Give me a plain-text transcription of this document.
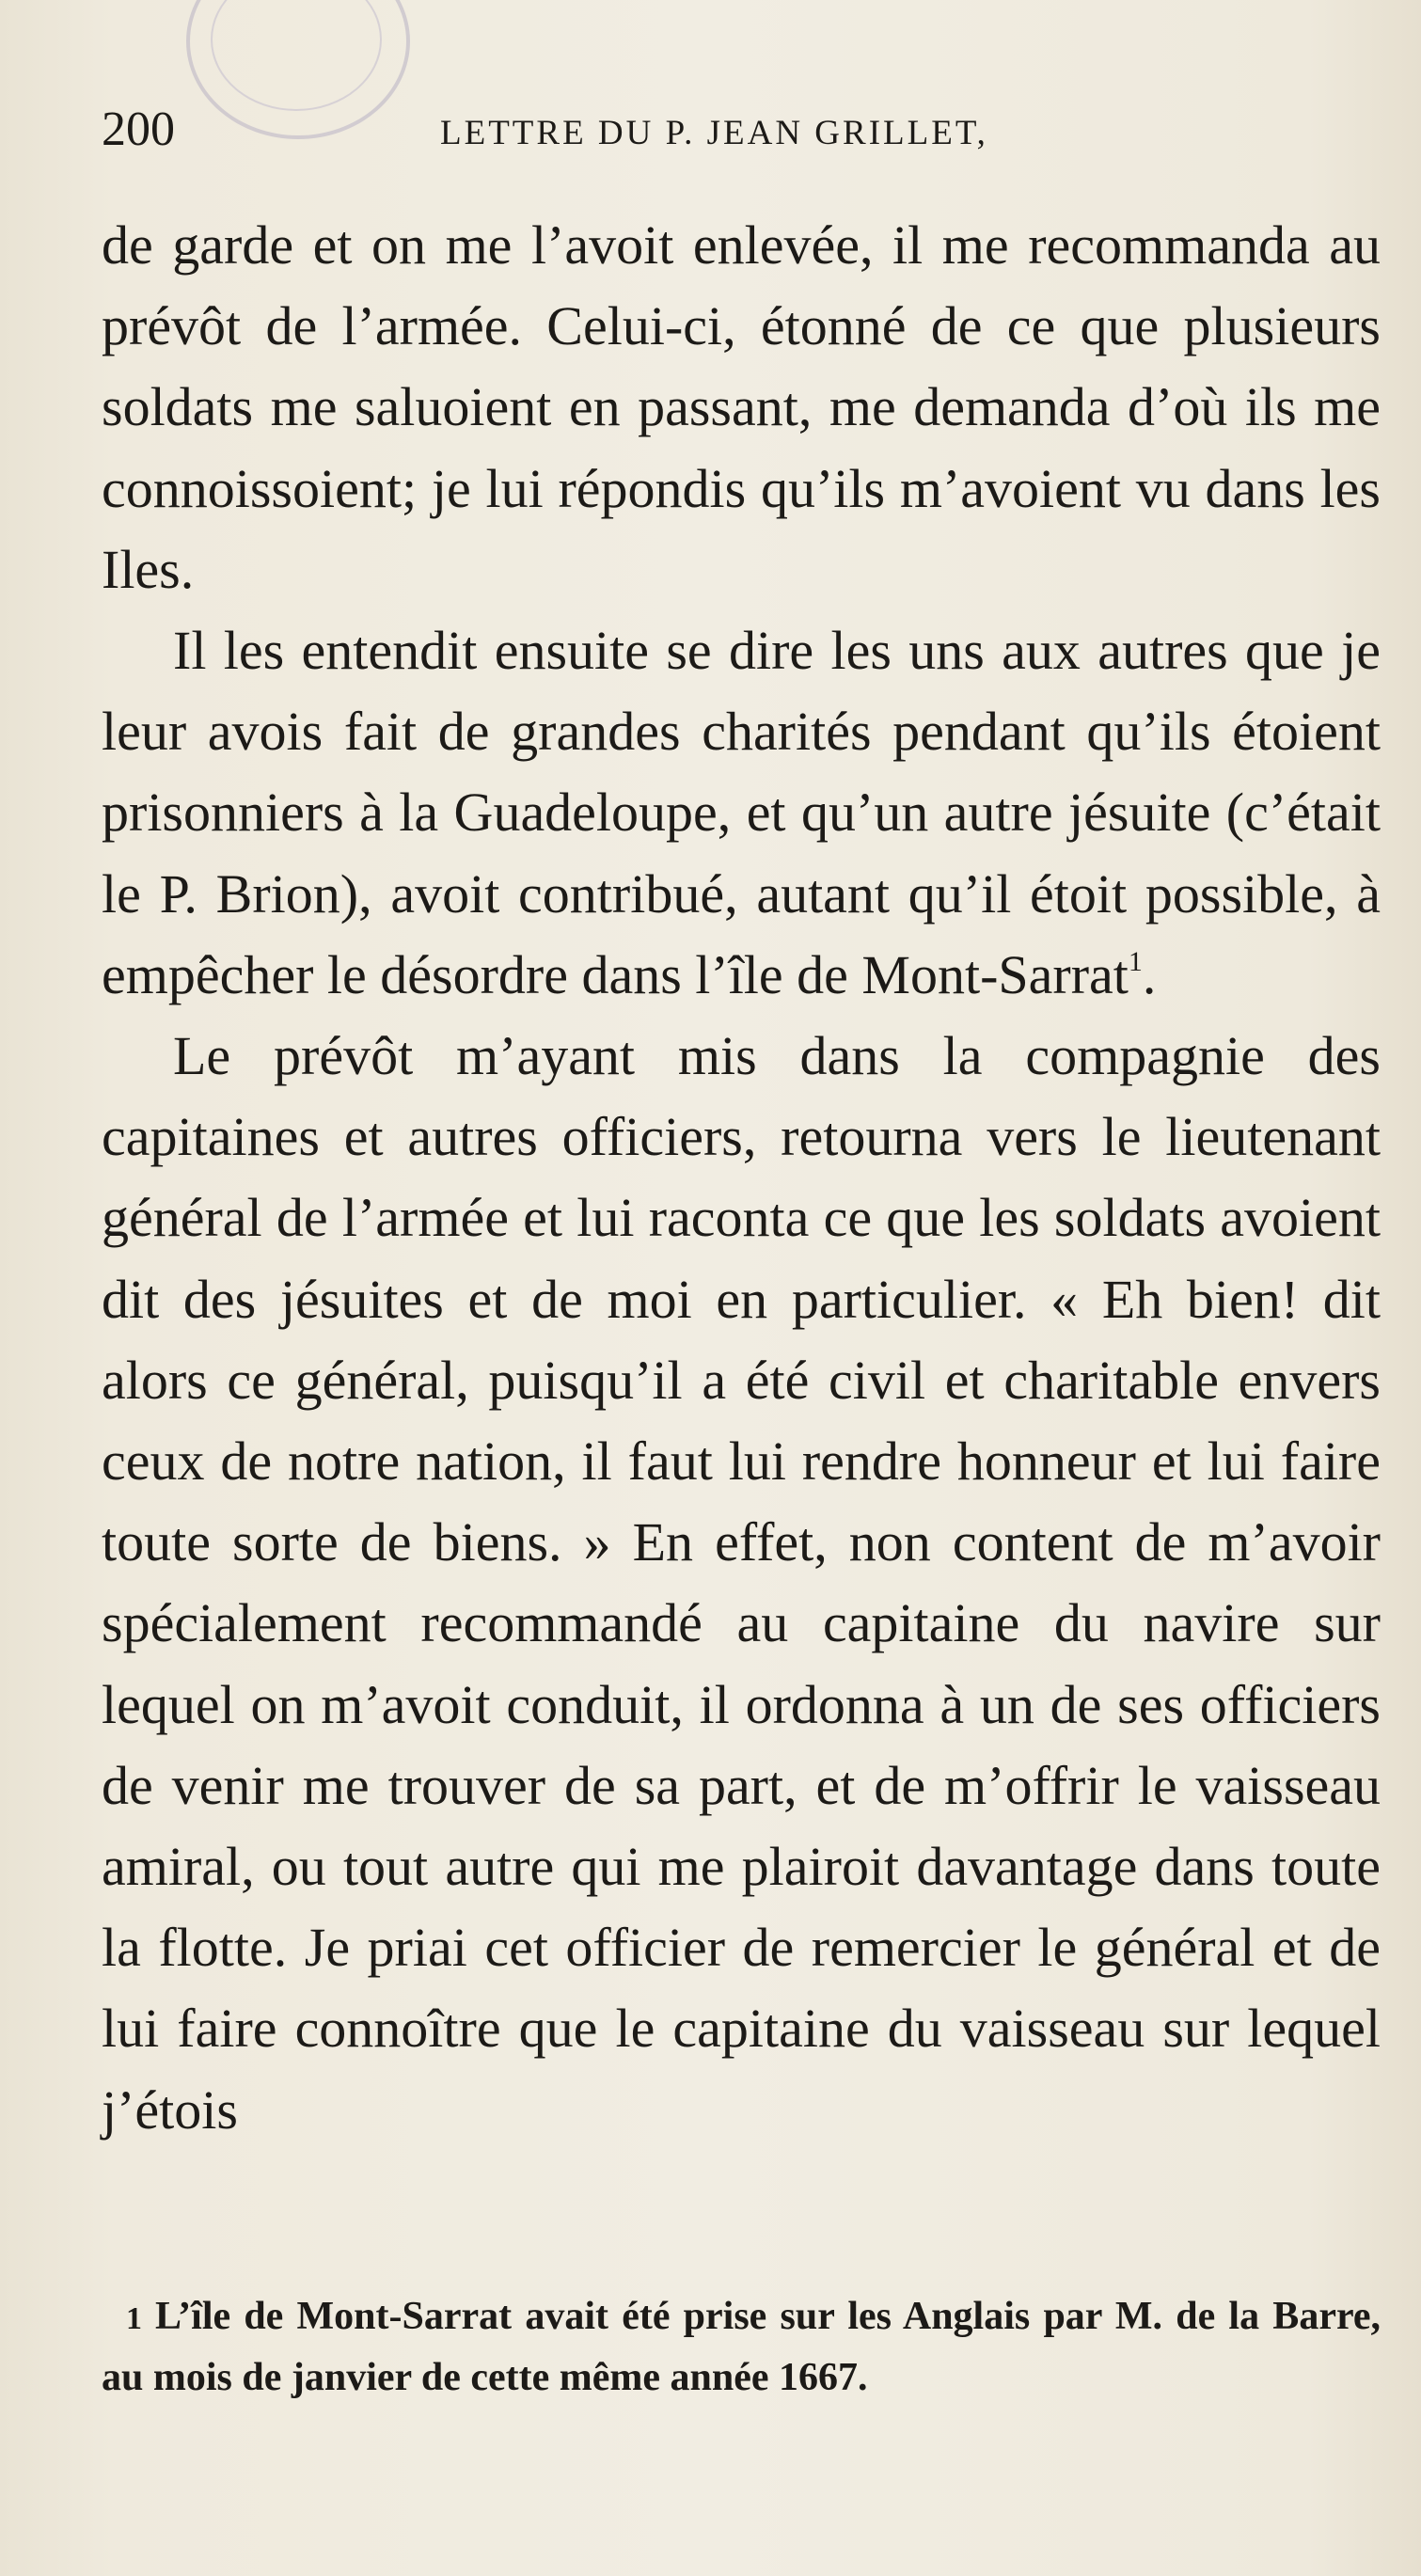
200	LETTRE DU P. JEAN GRILLET,

de garde et on me l’avoit enlevée, il me recommanda au prévôt de l’armée. Celui-ci, étonné de ce que plusieurs soldats me saluoient en passant, me demanda d’où ils me connoissoient; je lui répondis qu’ils m’avoient vu dans les Iles.

Il les entendit ensuite se dire les uns aux autres que je leur avois fait de grandes charités pendant qu’ils étoient prisonniers à la Guadeloupe, et qu’un autre jésuite (c’était le P. Brion), avoit contribué, autant qu’il étoit possible, à empêcher le désordre dans l’île de Mont-Sarrat$^1$.

Le prévôt m’ayant mis dans la compagnie des capitaines et autres officiers, retourna vers le lieutenant général de l’armée et lui raconta ce que les soldats avoient dit des jésuites et de moi en particulier. « Eh bien! dit alors ce général, puisqu’il a été civil et charitable envers ceux de notre nation, il faut lui rendre honneur et lui faire toute sorte de biens. » En effet, non content de m’avoir spécialement recommandé au capitaine du navire sur lequel on m’avoit conduit, il ordonna à un de ses officiers de venir me trouver de sa part, et de m’offrir le vaisseau amiral, ou tout autre qui me plairoit davantage dans toute la flotte. Je priai cet officier de remercier le général et de lui faire connoître que le capitaine du vaisseau sur lequel j’étois

1 L’île de Mont-Sarrat avait été prise sur les Anglais par M. de la Barre, au mois de janvier de cette même année 1667.
